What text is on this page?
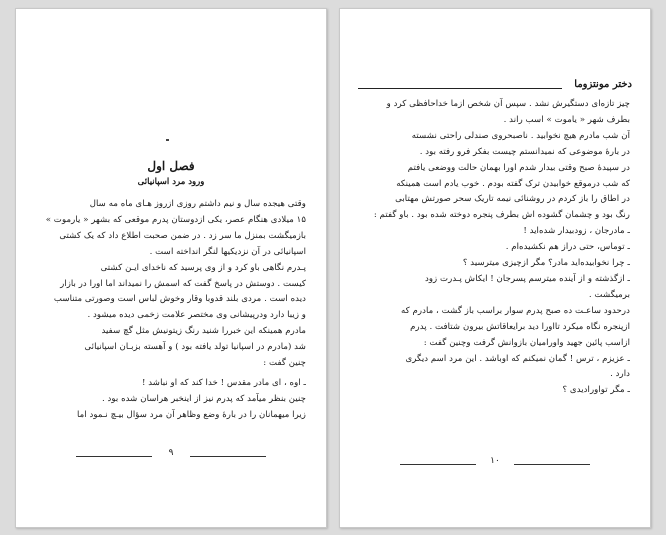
فصل اول
ورود مرد اسپانیائی

وقتی هیجده سال و نیم داشتم روزی ازروز هـای ماه مه سال

۱۵ میلادی هنگام عصر، یکی ازدوستان پدرم موقعی که بشهر « یارموت »

بازمیگشت بمنزل ما سر زد . در ضمن صحبت اطلاع داد که یک کشتی

اسپانیائی در آن نزدیکیها لنگر انداخته است .

پـدرم نگاهی باو کرد و از وی پرسید که ناخدای ایـن کشتی

کیست . دوستش در پاسخ گفت که اسمش را نمیداند اما اورا در بازار

دیده است . مردی بلند قدوبا وقار وخوش لباس است وصورتی متناسب

و زیبا دارد ودرپیشانی وی مختصر علامت زخمی دیده میشود .

مادرم همینکه این خبررا شنید رنگ زیتونیش مثل گچ سفید

شد (مادرم در اسپانیا تولد یافته بود ) و آهسته بزبـان اسپانیائی

چنین گفت :

ـ اوه ، ای مادر مقدس ! خدا کند که او نباشد !

چنین بنظر میآمد که پدرم نیز از اینخبر هراسان شده بود .

زیرا میهمانان را در بارۀ وضع وظاهر آن مرد سؤال بیـچ نـمود اما

۹
دختر مونتزوما

چیز تازه‌ای دستگیرش نشد . سپس آن شخص ازما خداحافظی کرد و

بطرف شهر « یاموت » اسب راند .

آن شب مادرم هیچ نخوابید . ناصبحروی صندلی راحتی نشسته

در بارۀ موضوعی که نمیدانستم چیست بفکر فرو رفته بود .

در سپیدهٔ صبح وقتی بیدار شدم اورا بهمان حالت ووضعی یافتم

که شب درموقع خوابیدن ترک گفته بودم . خوب یادم است همینکه

در اطاق را باز کردم در روشنائی نیمه تاریک سحر صورتش مهتابی

رنگ‌ بود و چشمان گشوده اش بطرف پنجره دوخته شده بود . باو گفتم :

ـ مادرجان ، زودبیدار شده‌اید !

ـ توماس، حتی دراز هم نکشیده‌ام .

ـ چرا نخوابیده‌اید مادر؟ مگر ازچیزی میترسید ؟

ـ ازگذشته و از آینده میترسم پسرجان ! ایکاش پـدرت زود

برمیگشت .

درحدود ساعـت ده صبح پدرم سوار براسب باز گشت ، مادرم که

ازپنجره نگاه میکرد تااورا دید برایعاقاتش بیرون شتافت . پدرم

ازاسب پائین جهید واورامیان بازوانش گرفت وچنین گفت :

ـ عزیزم ، ترس ! گمان نمیکنم که اوباشد . این مرد اسم دیگری

دارد .

ـ مگر تواورادیدی ؟

۱۰
